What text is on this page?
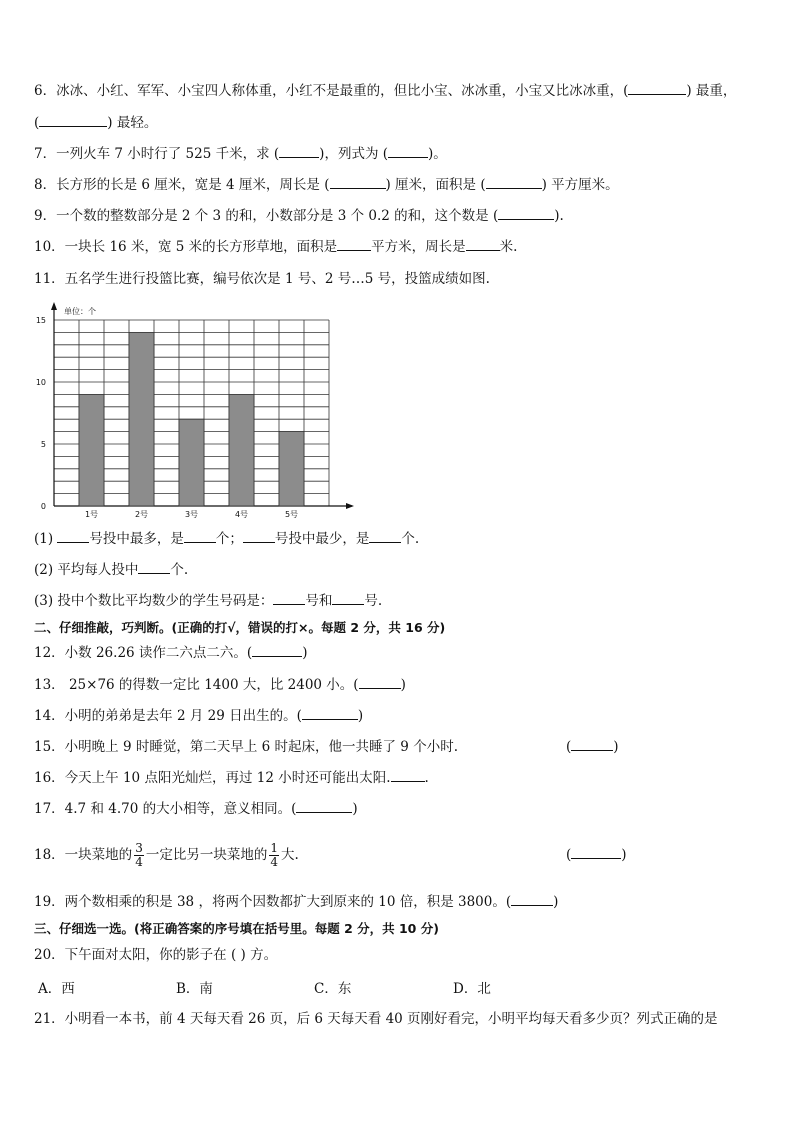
6．冰冰、小红、军军、小宝四人称体重，小红不是最重的，但比小宝、冰冰重，小宝又比冰冰重，(	) 最重，
(	) 最轻。
7．一列火车 7 小时行了 525 千米，求 (	)，列式为 (	)。
8．长方形的长是 6 厘米，宽是 4 厘米，周长是 (	) 厘米，面积是 (	) 平方厘米。
9．一个数的整数部分是 2 个 3 的和，小数部分是 3 个 0.2 的和，这个数是 (	).
10．一块长 16 米，宽 5 米的长方形草地，面积是	平方米，周长是	米.
11．五名学生进行投篮比赛，编号依次是 1 号、2 号…5 号，投篮成绩如图.
单位：个
0
5
10
15
1号	2号	3号	4号	5号
(1)	号投中最多，是 个； 号投中最少，是 个.
(2) 平均每人投中 个.
(3) 投中个数比平均数少的学生号码是： 号和 号.
二、仔细推敲，巧判断。(正确的打√，错误的打×。每题 2 分，共 16 分)
12．小数 26.26 读作二六点二六。(	)
13． 25×76 的得数一定比 1400 大，比 2400 小。(	)
14．小明的弟弟是去年 2 月 29 日出生的。(	)
15．小明晚上 9 时睡觉，第二天早上 6 时起床，他一共睡了 9 个小时.	(	)
16．今天上午 10 点阳光灿烂，再过 12 小时还可能出太阳.	.
17．4.7 和 4.70 的大小相等，意义相同。(	)
18．一块菜地的 $\frac{3}{4}$ 一定比另一块菜地的 $\frac{1}{4}$ 大.	(	)
19．两个数相乘的积是 38 ，将两个因数都扩大到原来的 10 倍，积是 3800。(	)
三、仔细选一选。(将正确答案的序号填在括号里。每题 2 分，共 10 分)
20．下午面对太阳，你的影子在 ( ) 方。
A．西	B．南	C．东	D．北
21．小明看一本书，前 4 天每天看 26 页，后 6 天每天看 40 页刚好看完，小明平均每天看多少页？列式正确的是
